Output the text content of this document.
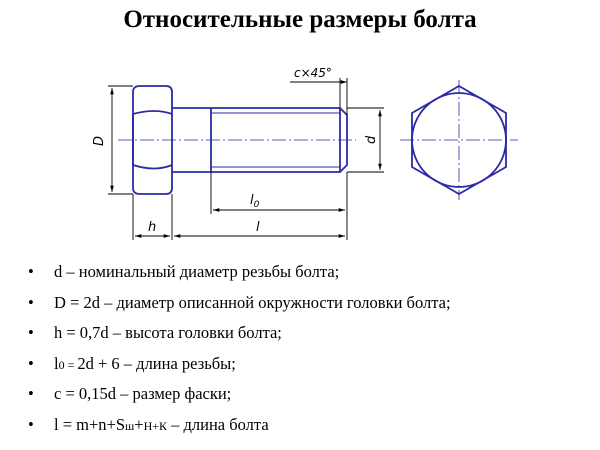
Относительные размеры болта
D	d
c×45°
$l_0$
h	l
• d – номинальный диаметр резьбы болта;
• D = 2d – диаметр описанной окружности головки болта;
• h = 0,7d – высота головки болта;
• l0 = 2d + 6 – длина резьбы;
• c = 0,15d – размер фаски;
• l = m+n+Sш+Н+К – длина болта
